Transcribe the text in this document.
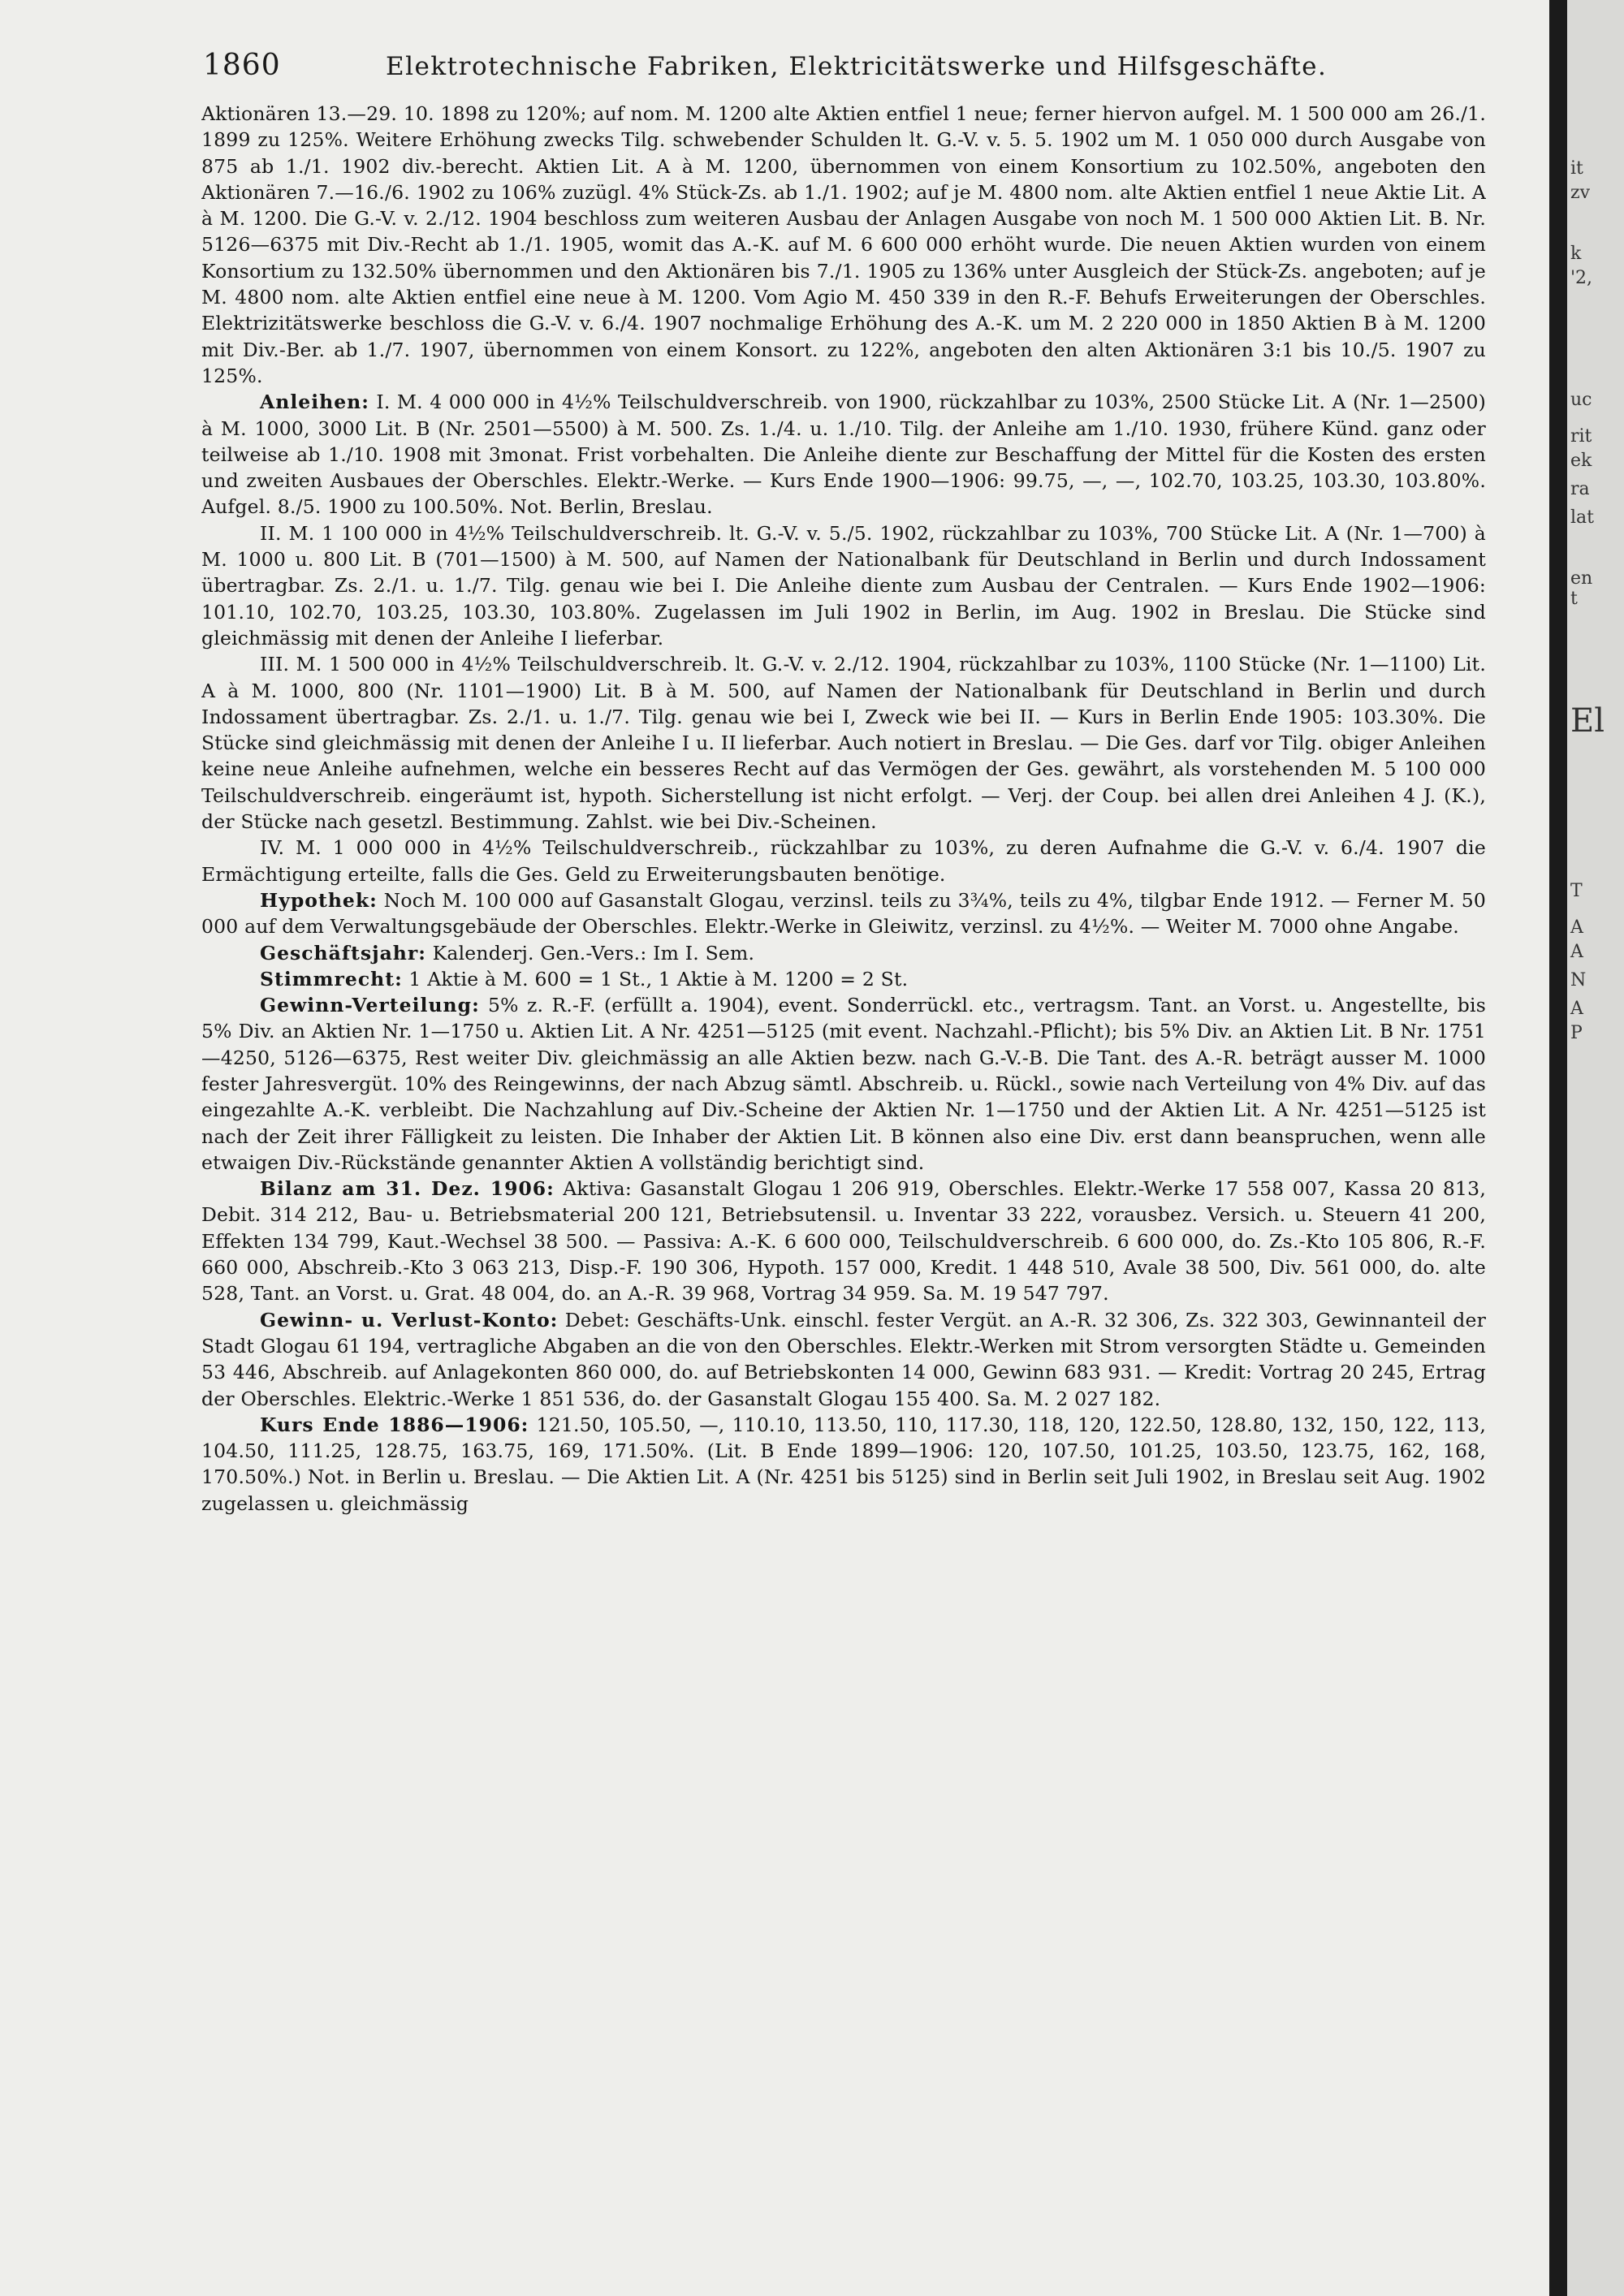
1860	Elektrotechnische Fabriken, Elektricitätswerke und Hilfsgeschäfte.

Aktionären 13.—29. 10. 1898 zu 120%; auf nom. M. 1200 alte Aktien entfiel 1 neue; ferner hiervon aufgel. M. 1 500 000 am 26./1. 1899 zu 125%. Weitere Erhöhung zwecks Tilg. schwebender Schulden lt. G.-V. v. 5. 5. 1902 um M. 1 050 000 durch Ausgabe von 875 ab 1./1. 1902 div.-berecht. Aktien Lit. A à M. 1200, übernommen von einem Konsortium zu 102.50%, angeboten den Aktionären 7.—16./6. 1902 zu 106% zuzügl. 4% Stück-Zs. ab 1./1. 1902; auf je M. 4800 nom. alte Aktien entfiel 1 neue Aktie Lit. A à M. 1200. Die G.-V. v. 2./12. 1904 beschloss zum weiteren Ausbau der Anlagen Ausgabe von noch M. 1 500 000 Aktien Lit. B. Nr. 5126—6375 mit Div.-Recht ab 1./1. 1905, womit das A.-K. auf M. 6 600 000 erhöht wurde. Die neuen Aktien wurden von einem Konsortium zu 132.50% übernommen und den Aktionären bis 7./1. 1905 zu 136% unter Ausgleich der Stück-Zs. angeboten; auf je M. 4800 nom. alte Aktien entfiel eine neue à M. 1200. Vom Agio M. 450 339 in den R.-F. Behufs Erweiterungen der Oberschles. Elektrizitätswerke beschloss die G.-V. v. 6./4. 1907 nochmalige Erhöhung des A.-K. um M. 2 220 000 in 1850 Aktien B à M. 1200 mit Div.-Ber. ab 1./7. 1907, übernommen von einem Konsort. zu 122%, angeboten den alten Aktionären 3:1 bis 10./5. 1907 zu 125%.

Anleihen: I. M. 4 000 000 in 4½% Teilschuldverschreib. von 1900, rückzahlbar zu 103%, 2500 Stücke Lit. A (Nr. 1—2500) à M. 1000, 3000 Lit. B (Nr. 2501—5500) à M. 500. Zs. 1./4. u. 1./10. Tilg. der Anleihe am 1./10. 1930, frühere Künd. ganz oder teilweise ab 1./10. 1908 mit 3monat. Frist vorbehalten. Die Anleihe diente zur Beschaffung der Mittel für die Kosten des ersten und zweiten Ausbaues der Oberschles. Elektr.-Werke. — Kurs Ende 1900—1906: 99.75, —, —, 102.70, 103.25, 103.30, 103.80%. Aufgel. 8./5. 1900 zu 100.50%. Not. Berlin, Breslau.

II. M. 1 100 000 in 4½% Teilschuldverschreib. lt. G.-V. v. 5./5. 1902, rückzahlbar zu 103%, 700 Stücke Lit. A (Nr. 1—700) à M. 1000 u. 800 Lit. B (701—1500) à M. 500, auf Namen der Nationalbank für Deutschland in Berlin und durch Indossament übertragbar. Zs. 2./1. u. 1./7. Tilg. genau wie bei I. Die Anleihe diente zum Ausbau der Centralen. — Kurs Ende 1902—1906: 101.10, 102.70, 103.25, 103.30, 103.80%. Zugelassen im Juli 1902 in Berlin, im Aug. 1902 in Breslau. Die Stücke sind gleichmässig mit denen der Anleihe I lieferbar.

III. M. 1 500 000 in 4½% Teilschuldverschreib. lt. G.-V. v. 2./12. 1904, rückzahlbar zu 103%, 1100 Stücke (Nr. 1—1100) Lit. A à M. 1000, 800 (Nr. 1101—1900) Lit. B à M. 500, auf Namen der Nationalbank für Deutschland in Berlin und durch Indossament übertragbar. Zs. 2./1. u. 1./7. Tilg. genau wie bei I, Zweck wie bei II. — Kurs in Berlin Ende 1905: 103.30%. Die Stücke sind gleichmässig mit denen der Anleihe I u. II lieferbar. Auch notiert in Breslau. — Die Ges. darf vor Tilg. obiger Anleihen keine neue Anleihe aufnehmen, welche ein besseres Recht auf das Vermögen der Ges. gewährt, als vorstehenden M. 5 100 000 Teilschuldverschreib. eingeräumt ist, hypoth. Sicherstellung ist nicht erfolgt. — Verj. der Coup. bei allen drei Anleihen 4 J. (K.), der Stücke nach gesetzl. Bestimmung. Zahlst. wie bei Div.-Scheinen.

IV. M. 1 000 000 in 4½% Teilschuldverschreib., rückzahlbar zu 103%, zu deren Aufnahme die G.-V. v. 6./4. 1907 die Ermächtigung erteilte, falls die Ges. Geld zu Erweiterungsbauten benötige.

Hypothek: Noch M. 100 000 auf Gasanstalt Glogau, verzinsl. teils zu 3¾%, teils zu 4%, tilgbar Ende 1912. — Ferner M. 50 000 auf dem Verwaltungsgebäude der Oberschles. Elektr.-Werke in Gleiwitz, verzinsl. zu 4½%. — Weiter M. 7000 ohne Angabe.

Geschäftsjahr: Kalenderj. Gen.-Vers.: Im I. Sem.

Stimmrecht: 1 Aktie à M. 600 = 1 St., 1 Aktie à M. 1200 = 2 St.

Gewinn-Verteilung: 5% z. R.-F. (erfüllt a. 1904), event. Sonderrückl. etc., vertragsm. Tant. an Vorst. u. Angestellte, bis 5% Div. an Aktien Nr. 1—1750 u. Aktien Lit. A Nr. 4251—5125 (mit event. Nachzahl.-Pflicht); bis 5% Div. an Aktien Lit. B Nr. 1751—4250, 5126—6375, Rest weiter Div. gleichmässig an alle Aktien bezw. nach G.-V.-B. Die Tant. des A.-R. beträgt ausser M. 1000 fester Jahresvergüt. 10% des Reingewinns, der nach Abzug sämtl. Abschreib. u. Rückl., sowie nach Verteilung von 4% Div. auf das eingezahlte A.-K. verbleibt. Die Nachzahlung auf Div.-Scheine der Aktien Nr. 1—1750 und der Aktien Lit. A Nr. 4251—5125 ist nach der Zeit ihrer Fälligkeit zu leisten. Die Inhaber der Aktien Lit. B können also eine Div. erst dann beanspruchen, wenn alle etwaigen Div.-Rückstände genannter Aktien A vollständig berichtigt sind.

Bilanz am 31. Dez. 1906: Aktiva: Gasanstalt Glogau 1 206 919, Oberschles. Elektr.-Werke 17 558 007, Kassa 20 813, Debit. 314 212, Bau- u. Betriebsmaterial 200 121, Betriebsutensil. u. Inventar 33 222, vorausbez. Versich. u. Steuern 41 200, Effekten 134 799, Kaut.-Wechsel 38 500. — Passiva: A.-K. 6 600 000, Teilschuldverschreib. 6 600 000, do. Zs.-Kto 105 806, R.-F. 660 000, Abschreib.-Kto 3 063 213, Disp.-F. 190 306, Hypoth. 157 000, Kredit. 1 448 510, Avale 38 500, Div. 561 000, do. alte 528, Tant. an Vorst. u. Grat. 48 004, do. an A.-R. 39 968, Vortrag 34 959. Sa. M. 19 547 797.

Gewinn- u. Verlust-Konto: Debet: Geschäfts-Unk. einschl. fester Vergüt. an A.-R. 32 306, Zs. 322 303, Gewinnanteil der Stadt Glogau 61 194, vertragliche Abgaben an die von den Oberschles. Elektr.-Werken mit Strom versorgten Städte u. Gemeinden 53 446, Abschreib. auf Anlagekonten 860 000, do. auf Betriebskonten 14 000, Gewinn 683 931. — Kredit: Vortrag 20 245, Ertrag der Oberschles. Elektric.-Werke 1 851 536, do. der Gasanstalt Glogau 155 400. Sa. M. 2 027 182.

Kurs Ende 1886—1906: 121.50, 105.50, —, 110.10, 113.50, 110, 117.30, 118, 120, 122.50, 128.80, 132, 150, 122, 113, 104.50, 111.25, 128.75, 163.75, 169, 171.50%. (Lit. B Ende 1899—1906: 120, 107.50, 101.25, 103.50, 123.75, 162, 168, 170.50%.) Not. in Berlin u. Breslau. — Die Aktien Lit. A (Nr. 4251 bis 5125) sind in Berlin seit Juli 1902, in Breslau seit Aug. 1902 zugelassen u. gleichmässig

it
zv
k
'2,
uc
rit
ek
ra
lat
en
t
El
T
A
A
N
A
P
